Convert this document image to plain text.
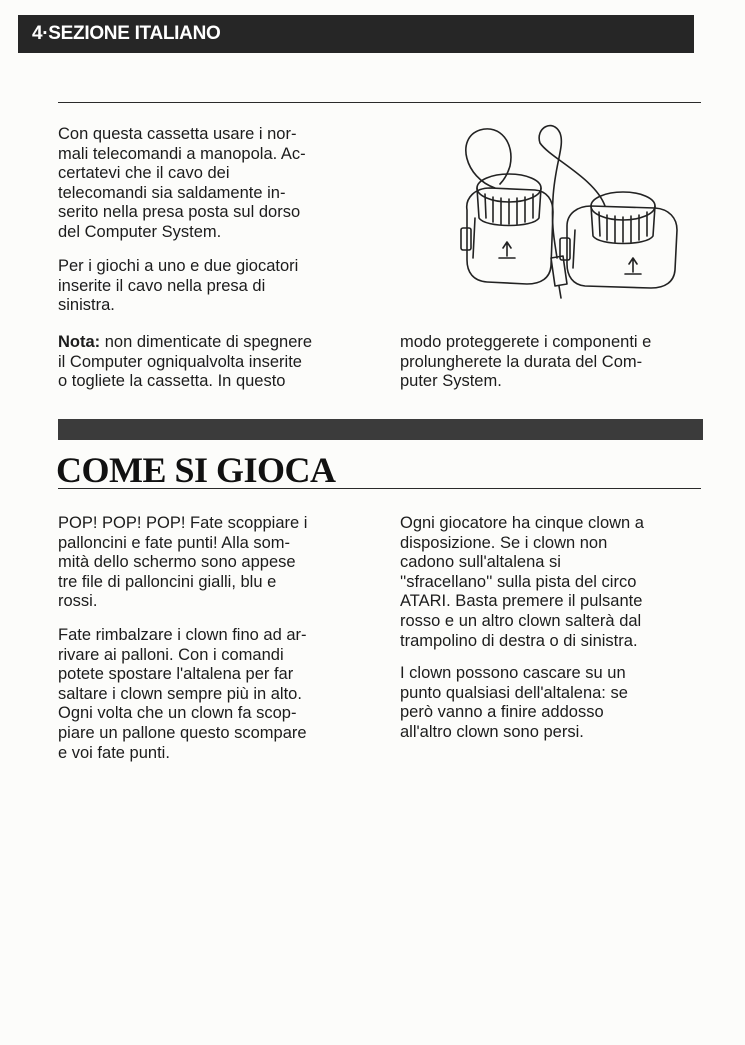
4·SEZIONE ITALIANO
Con questa cassetta usare i nor-
mali telecomandi a manopola. Ac-
certatevi che il cavo dei
telecomandi sia saldamente in-
serito nella presa posta sul dorso
del Computer System.
Per i giochi a uno e due giocatori
inserite il cavo nella presa di
sinistra.
Nota: non dimenticate di spegnere
il Computer ogniqualvolta inserite
o togliete la cassetta. In questo
modo proteggerete i componenti e
prolungherete la durata del Com-
puter System.
COME SI GIOCA
POP! POP! POP! Fate scoppiare i
palloncini e fate punti! Alla som-
mità dello schermo sono appese
tre file di palloncini gialli, blu e
rossi.
Fate rimbalzare i clown fino ad ar-
rivare ai palloni. Con i comandi
potete spostare l'altalena per far
saltare i clown sempre più in alto.
Ogni volta che un clown fa scop-
piare un pallone questo scompare
e voi fate punti.
Ogni giocatore ha cinque clown a
disposizione. Se i clown non
cadono sull'altalena si
''sfracellano'' sulla pista del circo
ATARI. Basta premere il pulsante
rosso e un altro clown salterà dal
trampolino di destra o di sinistra.
I clown possono cascare su un
punto qualsiasi dell'altalena: se
però vanno a finire addosso
all'altro clown sono persi.
